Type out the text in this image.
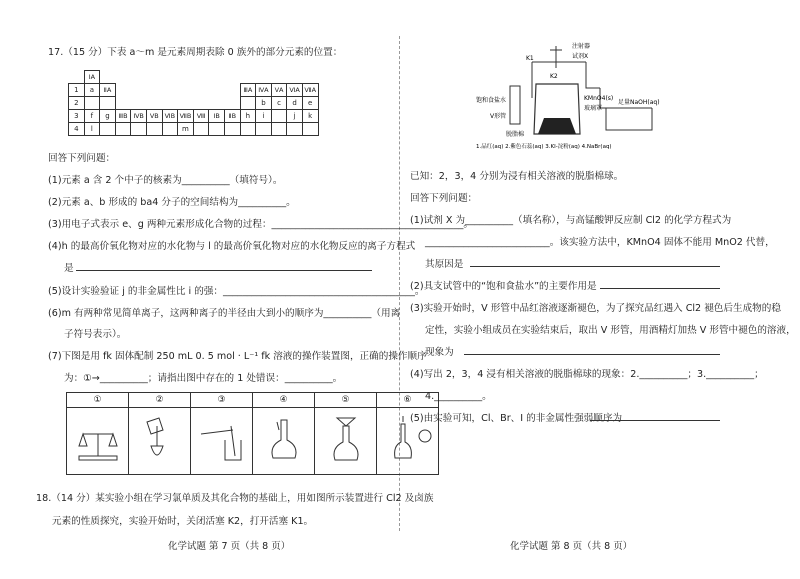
17.（15 分）下表 a～m 是元素周期表除 0 族外的部分元素的位置：
	ⅠA														
1	a	ⅡA									ⅢA	ⅣA	ⅤA	ⅥA	ⅦA
2												b	c	d	e
3	f	g	ⅢB	ⅣB	ⅤB	ⅥB	ⅦB	Ⅷ	ⅠB	ⅡB	h	i		j	k
4	l						m								
回答下列问题：
(1)元素 a 含 2 个中子的核素为__________（填符号）。
(2)元素 a、b 形成的 ba4 分子的空间结构为__________。
(3)用电子式表示 e、g 两种元素形成化合物的过程：________________________________________。
(4)h 的最高价氧化物对应的水化物与 l 的最高价氧化物对应的水化物反应的离子方程式
是
(5)设计实验验证 j 的非金属性比 i 的强：________________________________________。
(6)m 有两种常见简单离子，这两种离子的半径由大到小的顺序为__________（用离
子符号表示）。
(7)下图是用 fk 固体配制 250 mL 0. 5 mol · L⁻¹ fk 溶液的操作装置图，正确的操作顺序
为：①→__________；请指出图中存在的 1 处错误：__________。
①	②	③	④	⑤	⑥

18.（14 分）某实验小组在学习氯单质及其化合物的基础上，用如图所示装置进行 Cl2 及卤族
元素的性质探究，实验开始时，关闭活塞 K2，打开活塞 K1。
化学试题 第 7 页（共 8 页）
饱和食盐水
注射器
试剂X
K1
K2
KMnO4(s)
玻璃罩
V形管
脱脂棉
足量NaOH(aq)
1.品红(aq) 2.紫色石蕊(aq) 3.KI-淀粉(aq) 4.NaBr(aq)
已知：2，3，4 分别为浸有相关溶液的脱脂棉球。
回答下列问题：
(1)试剂 X 为__________（填名称），与高锰酸钾反应制 Cl2 的化学方程式为
__________________________。该实验方法中，KMnO4 固体不能用 MnO2 代替，
其原因是
(2)具支试管中的“饱和食盐水”的主要作用是
(3)实验开始时，V 形管中品红溶液逐渐褪色，为了探究品红遇入 Cl2 褪色后生成物的稳
定性，实验小组成员在实验结束后，取出 V 形管，用酒精灯加热 V 形管中褪色的溶液，
现象为
(4)写出 2，3，4 浸有相关溶液的脱脂棉球的现象：2.__________；3.__________；
4.__________。
(5)由实验可知，Cl、Br、I 的非金属性强弱顺序为
化学试题 第 8 页（共 8 页）
